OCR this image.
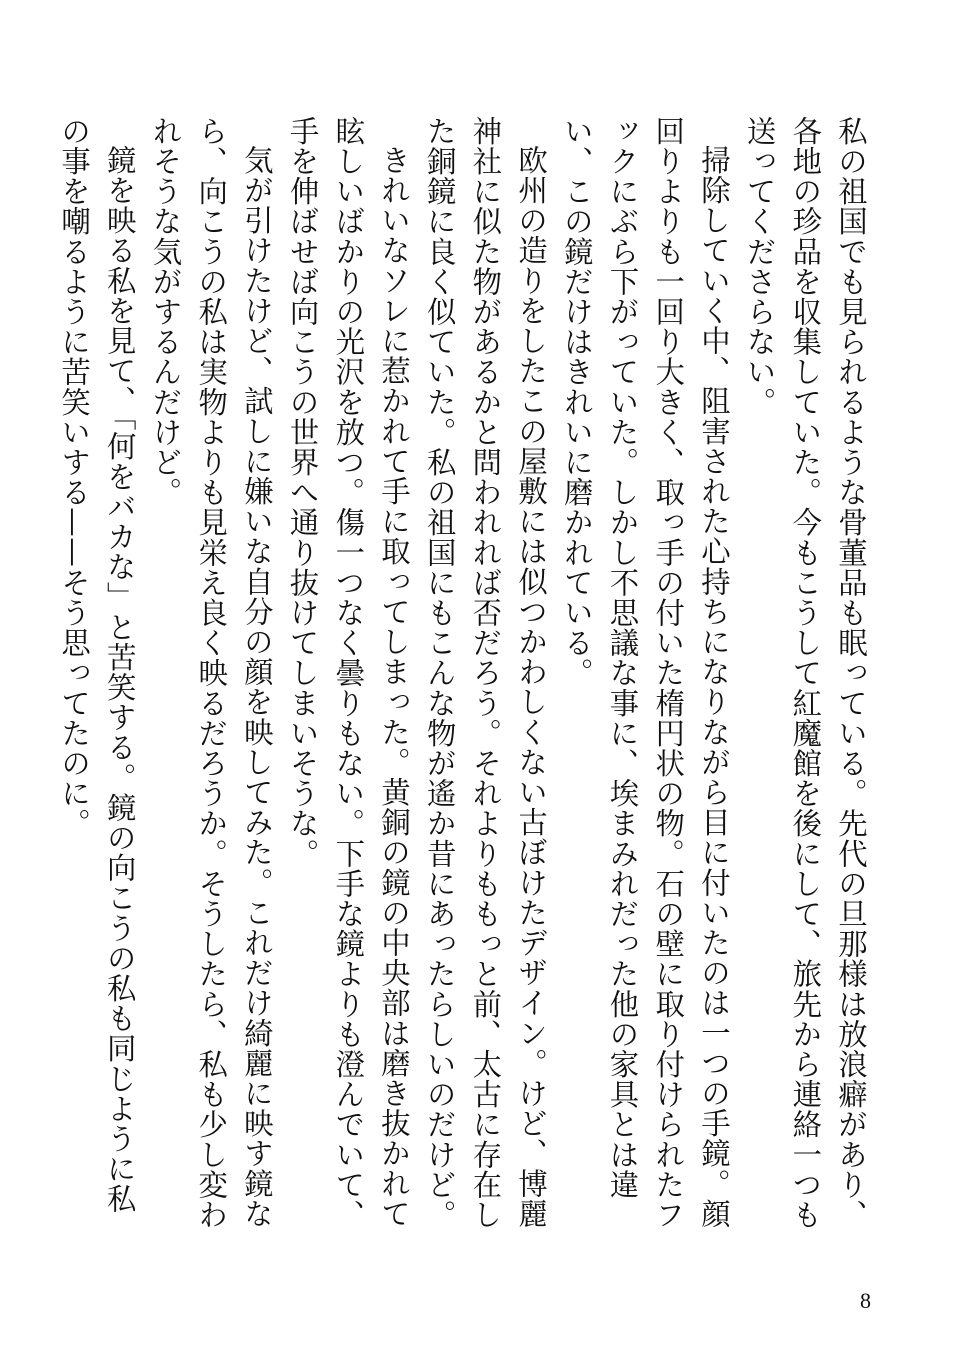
私の祖国でも見られるような骨董品も眠っている。先代の旦那様は放浪癖があり、各地の珍品を収集していた。今もこうして紅魔館を後にして、旅先から連絡一つも送ってくださらない。

掃除していく中、阻害された心持ちになりながら目に付いたのは一つの手鏡。顔回りよりも一回り大きく、取っ手の付いた楕円状の物。石の壁に取り付けられたフックにぶら下がっていた。しかし不思議な事に、埃まみれだった他の家具とは違い、この鏡だけはきれいに磨かれている。

欧州の造りをしたこの屋敷には似つかわしくない古ぼけたデザイン。けど、博麗神社に似た物があるかと問われれば否だろう。それよりももっと前、太古に存在した銅鏡に良く似ていた。私の祖国にもこんな物が遙か昔にあったらしいのだけど。

きれいなソレに惹かれて手に取ってしまった。黄銅の鏡の中央部は磨き抜かれて眩しいばかりの光沢を放つ。傷一つなく曇りもない。下手な鏡よりも澄んでいて、手を伸ばせば向こうの世界へ通り抜けてしまいそうな。

気が引けたけど、試しに嫌いな自分の顔を映してみた。これだけ綺麗に映す鏡なら、向こうの私は実物よりも見栄え良く映るだろうか。そうしたら、私も少し変われそうな気がするんだけど。

鏡を映る私を見て、「何をバカな」と苦笑する。鏡の向こうの私も同じように私の事を嘲るように苦笑いする——そう思ってたのに。

8
